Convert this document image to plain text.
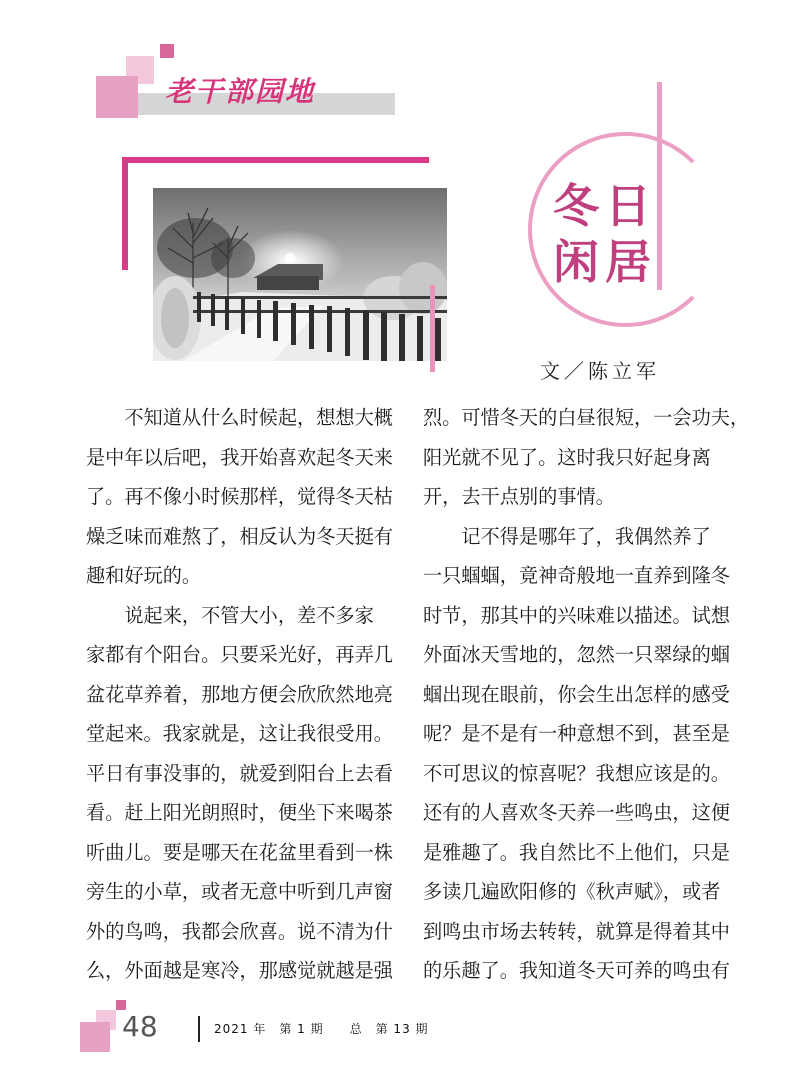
老干部园地
冬日
闲居
文／陈立军
　　不知道从什么时候起，想想大概
是中年以后吧，我开始喜欢起冬天来
了。再不像小时候那样，觉得冬天枯
燥乏味而难熬了，相反认为冬天挺有
趣和好玩的。
　　说起来，不管大小，差不多家
家都有个阳台。只要采光好，再弄几
盆花草养着，那地方便会欣欣然地亮
堂起来。我家就是，这让我很受用。
平日有事没事的，就爱到阳台上去看
看。赶上阳光朗照时，便坐下来喝茶
听曲儿。要是哪天在花盆里看到一株
旁生的小草，或者无意中听到几声窗
外的鸟鸣，我都会欣喜。说不清为什
么，外面越是寒冷，那感觉就越是强
烈。可惜冬天的白昼很短，一会功夫，
阳光就不见了。这时我只好起身离
开，去干点别的事情。
　　记不得是哪年了，我偶然养了
一只蝈蝈，竟神奇般地一直养到隆冬
时节，那其中的兴味难以描述。试想
外面冰天雪地的，忽然一只翠绿的蝈
蝈出现在眼前，你会生出怎样的感受
呢？是不是有一种意想不到，甚至是
不可思议的惊喜呢？我想应该是的。
还有的人喜欢冬天养一些鸣虫，这便
是雅趣了。我自然比不上他们，只是
多读几遍欧阳修的《秋声赋》，或者
到鸣虫市场去转转，就算是得着其中
的乐趣了。我知道冬天可养的鸣虫有
48	2021 年　第 1 期　　总　第 13 期
